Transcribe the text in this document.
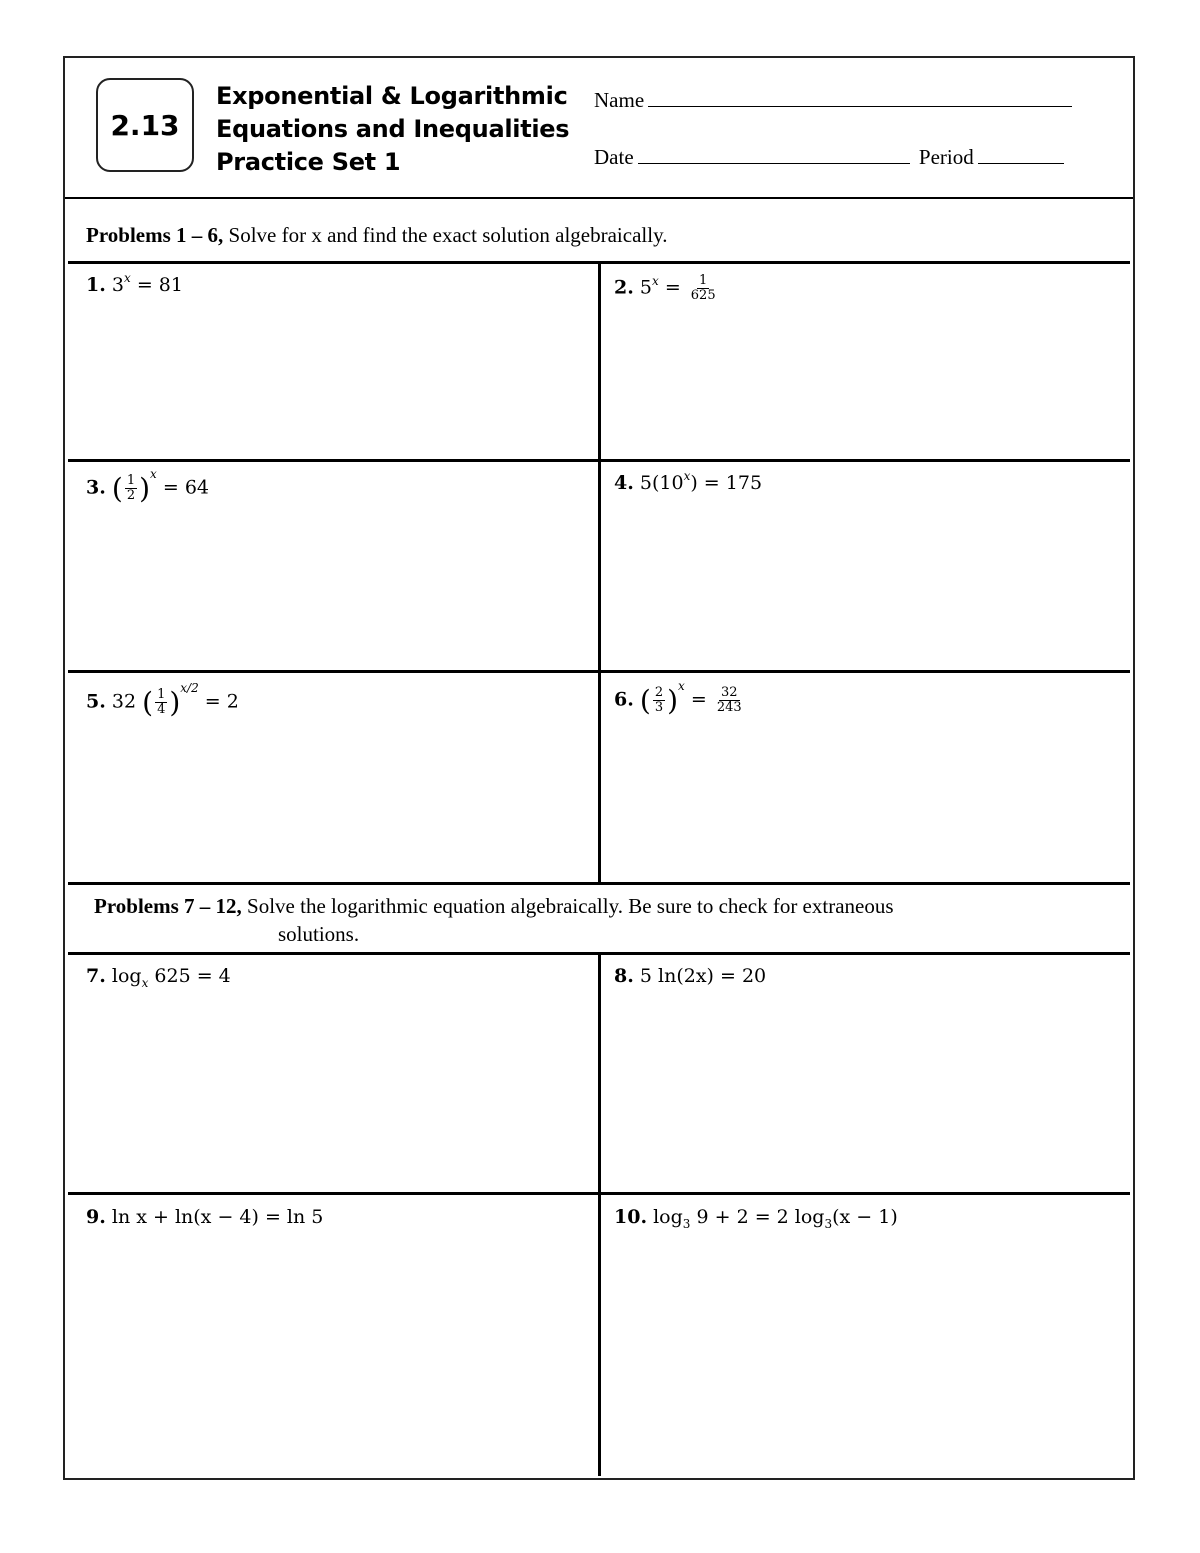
2.13
Exponential & Logarithmic
Equations and Inequalities
Practice Set 1
Name
Date	Period
Problems 1 – 6, Solve for x and find the exact solution algebraically.
Problems 7 – 12, Solve the logarithmic equation algebraically. Be sure to check for extraneous
solutions.
1. $3^x = 81$	2. $5^x = \frac{1}{625}$
3. ( $\frac{1}{2} )^x = 64$	4. $5(10^x) = 175$
5. 32 ( $\frac{1}{4} )^{x/2} = 2$	6. ( $\frac{2}{3} )^x = \frac{32}{243}$
7. $\log_x 625 = 4$	8. 5 ln(2x) = 20
9. ln x + ln(x − 4) = ln 5	10. $\log_3 9 + 2 = 2$ $\log_3(x - 1)$
